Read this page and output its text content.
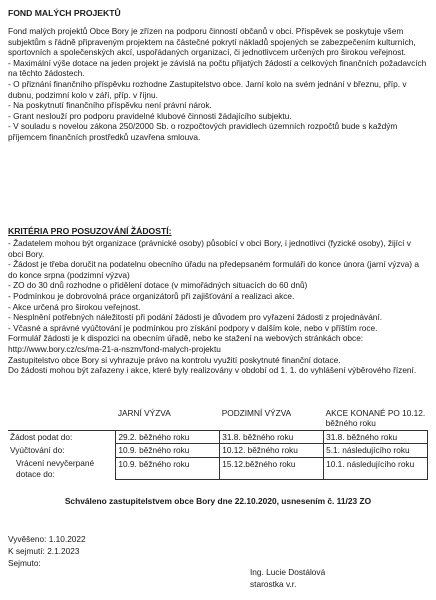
FOND MALÝCH PROJEKTŮ

Fond malých projektů Obce Bory je zřízen na podporu činností občanů v obci. Příspěvek se poskytuje všem subjektům s řádně připraveným projektem na částečné pokrytí nákladů spojených se zabezpečením kulturních, sportovních a společenských akcí, uspořádaných organizací, či jednotlivcem určených pro širokou veřejnost.

- Maximální výše dotace na jeden projekt je závislá na počtu přijatých žádostí a celkových finančních požadavcích na těchto žádostech.
- O přiznání finančního příspěvku rozhodne Zastupitelstvo obce. Jarní kolo na svém jednání v březnu, příp. v dubnu, podzimní kolo v září, příp. v říjnu.
- Na poskytnutí finančního příspěvku není právní nárok.
- Grant neslouží pro podporu pravidelné klubové činnosti žádajícího subjektu.
- V souladu s novelou zákona 250/2000 Sb. o rozpočtových pravidlech územních rozpočtů bude s každým příjemcem finančních prostředků uzavřena smlouva.
KRITÉRIA PRO POSUZOVÁNÍ ŽÁDOSTÍ:
- Žadatelem mohou být organizace (právnické osoby) působící v obci Bory, i jednotlivci (fyzické osoby), žijící v obci Bory.
- Žádost je třeba doručit na podatelnu obecního úřadu na předepsaném formuláři do konce února (jarní výzva) a do konce srpna (podzimní výzva)
- ZO do 30 dnů rozhodne o přidělení dotace (v mimořádných situacích do 60 dnů)
- Podmínkou je dobrovolná práce organizátorů při zajišťování a realizaci akce.
- Akce určená pro širokou veřejnost.
- Nesplnění potřebných náležitostí při podání žádosti je důvodem pro vyřazení žádosti z projednávání.
- Včasné a správné vyúčtování je podmínkou pro získání podpory v dalším kole, nebo v příštím roce.
Formulář žádosti je k dispozici na obecním úřadě, nebo ke stažení na webových stránkách obce: http://www.bory.cz/cs/ma-21-a-nszm/fond-malych-projektu
Zastupitelstvo obce Bory si vyhrazuje právo na kontrolu využití poskytnuté finanční dotace.
Do žádosti mohou být zařazeny i akce, které byly realizovány v období od 1. 1. do vyhlášení výběrového řízení.
	JARNÍ VÝZVA	PODZIMNÍ VÝZVA	AKCE KONANÉ PO 10.12. běžného roku
Žádost podat do:	29.2. běžného roku	31.8. běžného roku	31.8. běžného roku
Vyúčtování do:	10.9. běžného roku	10.12. běžného roku	5.1. následujícího roku
Vrácení nevyčerpané dotace do:	10.9. běžného roku	15.12.běžného roku	10.1. následujícího roku
Schváleno zastupitelstvem obce Bory dne 22.10.2020, usnesením č. 11/23 ZO

Vyvěšeno: 1.10.2022

K sejmutí: 2.1.2023

Sejmuto:

Ing. Lucie Dostálová

starostka v.r.
